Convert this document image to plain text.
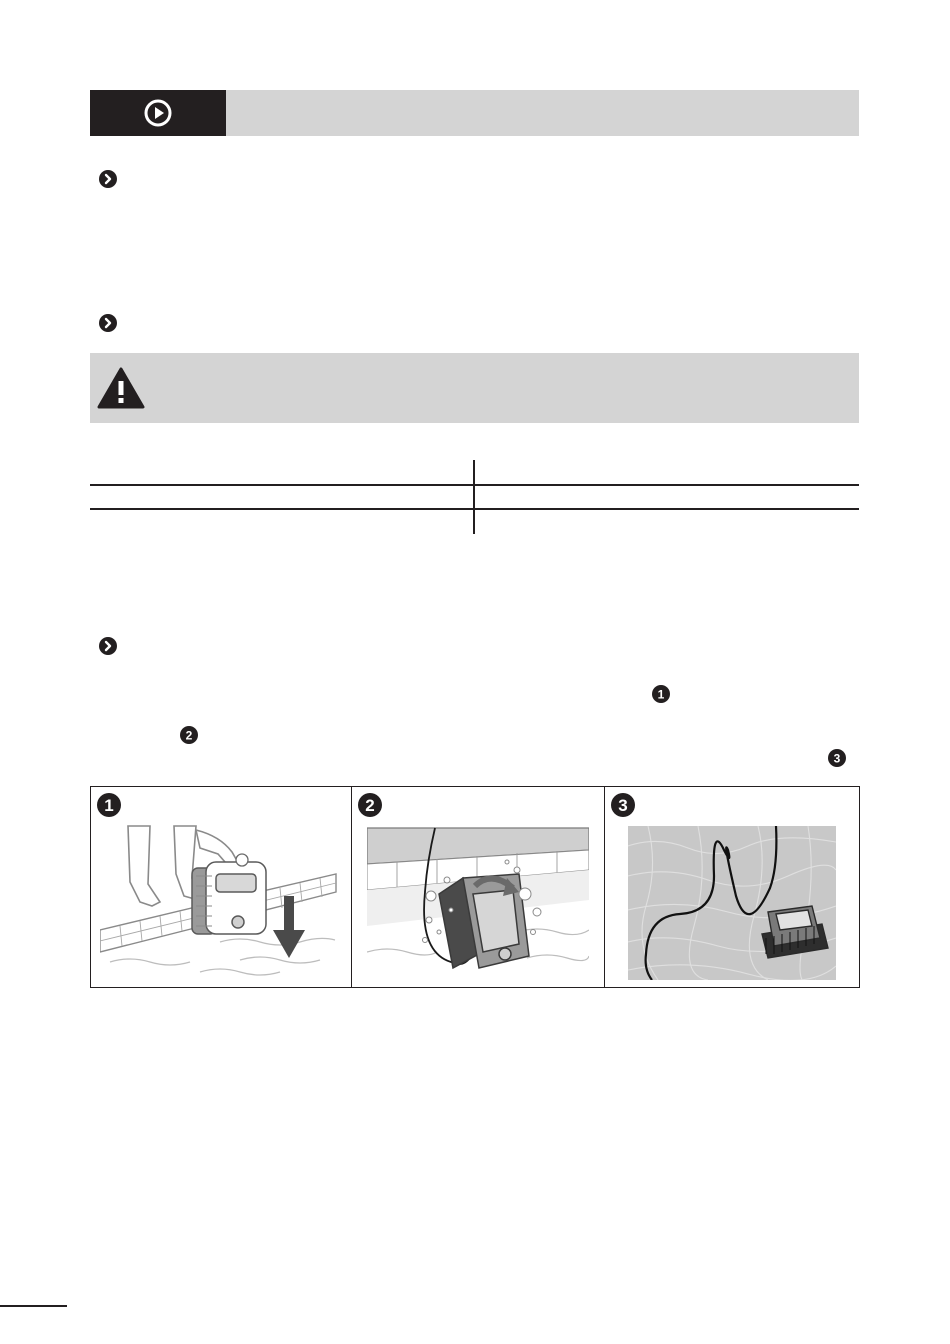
1
2
3
1	2	3
